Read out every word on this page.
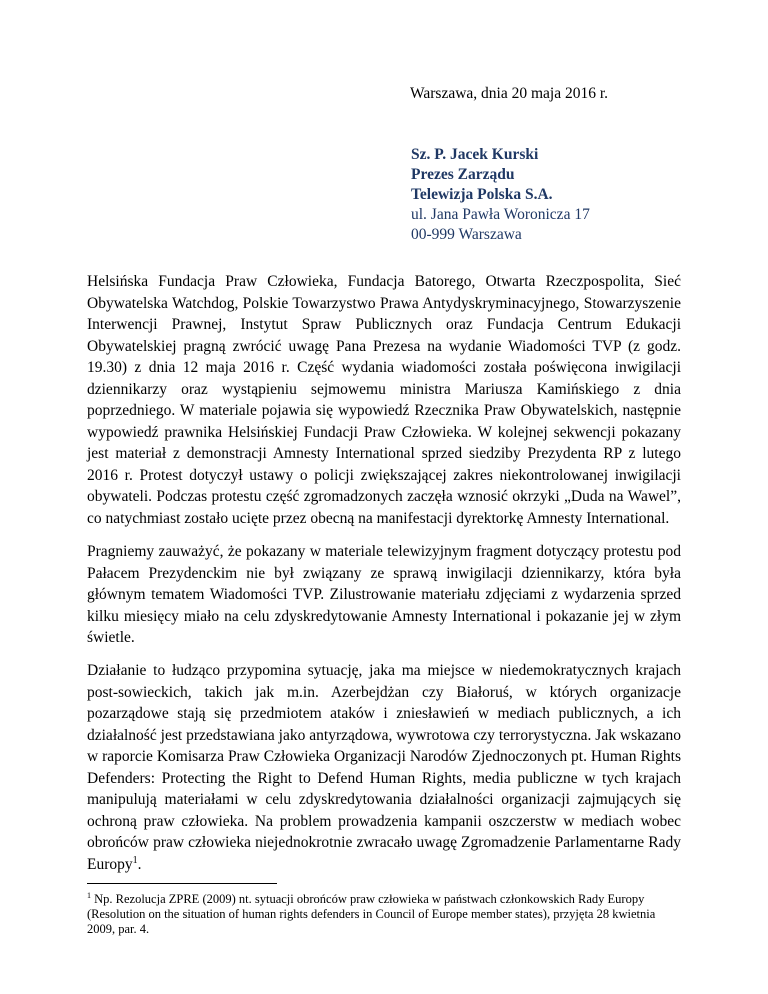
Warszawa, dnia 20 maja 2016 r.

Sz. P. Jacek Kurski
Prezes Zarządu
Telewizja Polska S.A.
ul. Jana Pawła Woronicza 17
00-999 Warszawa

Helsińska Fundacja Praw Człowieka, Fundacja Batorego, Otwarta Rzeczpospolita, Sieć Obywatelska Watchdog, Polskie Towarzystwo Prawa Antydyskryminacyjnego, Stowarzyszenie Interwencji Prawnej, Instytut Spraw Publicznych oraz Fundacja Centrum Edukacji Obywatelskiej pragną zwrócić uwagę Pana Prezesa na wydanie Wiadomości TVP (z godz. 19.30) z dnia 12 maja 2016 r. Część wydania wiadomości została poświęcona inwigilacji dziennikarzy oraz wystąpieniu sejmowemu ministra Mariusza Kamińskiego z dnia poprzedniego. W materiale pojawia się wypowiedź Rzecznika Praw Obywatelskich, następnie wypowiedź prawnika Helsińskiej Fundacji Praw Człowieka. W kolejnej sekwencji pokazany jest materiał z demonstracji Amnesty International sprzed siedziby Prezydenta RP z lutego 2016 r. Protest dotyczył ustawy o policji zwiększającej zakres niekontrolowanej inwigilacji obywateli. Podczas protestu część zgromadzonych zaczęła wznosić okrzyki „Duda na Wawel”, co natychmiast zostało ucięte przez obecną na manifestacji dyrektorkę Amnesty International.

Pragniemy zauważyć, że pokazany w materiale telewizyjnym fragment dotyczący protestu pod Pałacem Prezydenckim nie był związany ze sprawą inwigilacji dziennikarzy, która była głównym tematem Wiadomości TVP. Zilustrowanie materiału zdjęciami z wydarzenia sprzed kilku miesięcy miało na celu zdyskredytowanie Amnesty International i pokazanie jej w złym świetle.

Działanie to łudząco przypomina sytuację, jaka ma miejsce w niedemokratycznych krajach post-sowieckich, takich jak m.in. Azerbejdżan czy Białoruś, w których organizacje pozarządowe stają się przedmiotem ataków i zniesławień w mediach publicznych, a ich działalność jest przedstawiana jako antyrządowa, wywrotowa czy terrorystyczna. Jak wskazano w raporcie Komisarza Praw Człowieka Organizacji Narodów Zjednoczonych pt. Human Rights Defenders: Protecting the Right to Defend Human Rights, media publiczne w tych krajach manipulują materiałami w celu zdyskredytowania działalności organizacji zajmujących się ochroną praw człowieka. Na problem prowadzenia kampanii oszczerstw w mediach wobec obrońców praw człowieka niejednokrotnie zwracało uwagę Zgromadzenie Parlamentarne Rady Europy$^1$.

$^1$ Np. Rezolucja ZPRE (2009) nt. sytuacji obrońców praw człowieka w państwach członkowskich Rady Europy (Resolution on the situation of human rights defenders in Council of Europe member states), przyjęta 28 kwietnia 2009, par. 4.
